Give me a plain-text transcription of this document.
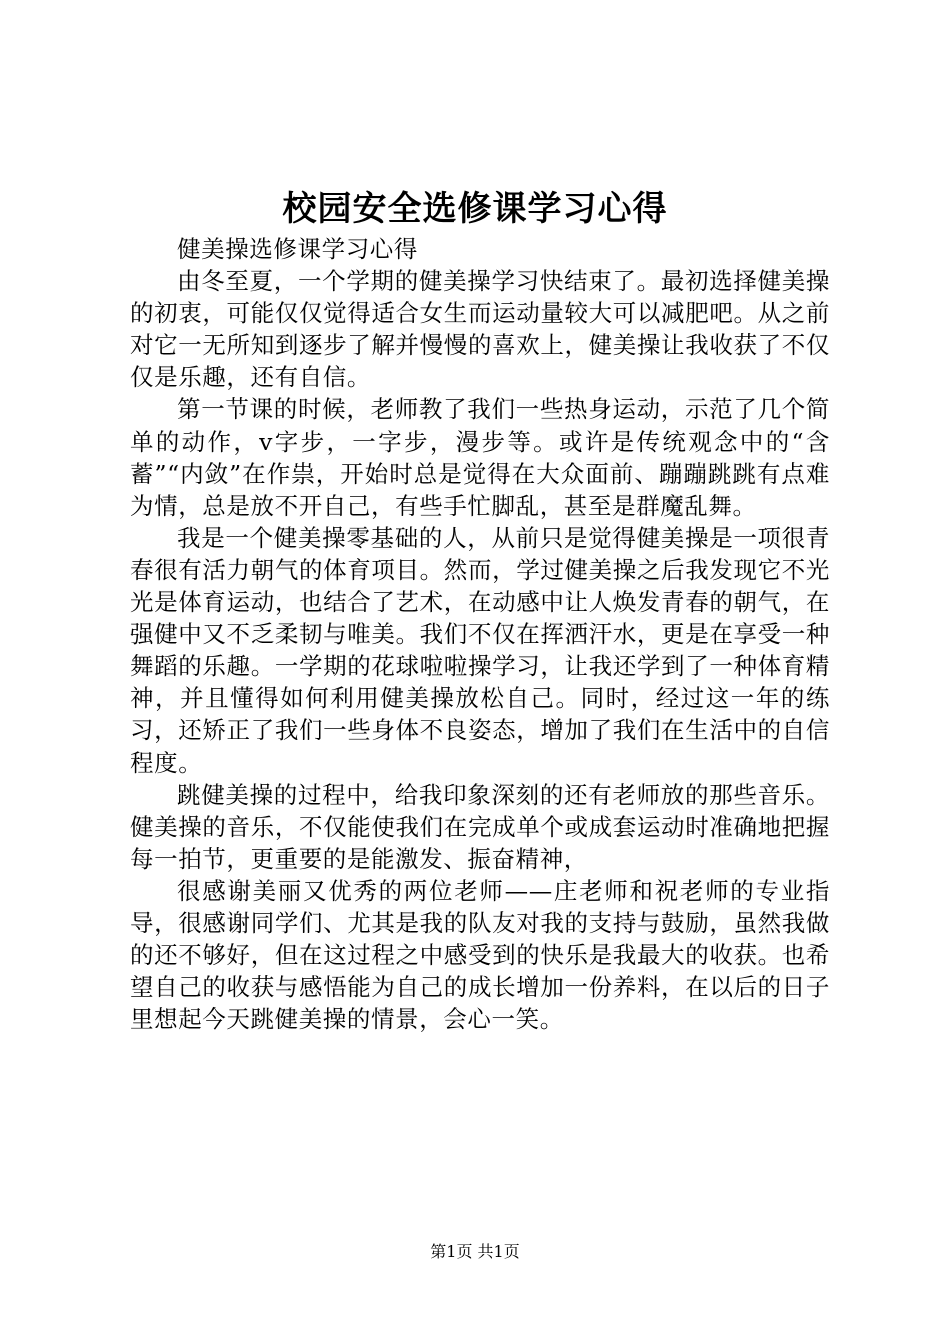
校园安全选修课学习心得

健美操选修课学习心得

由冬至夏，一个学期的健美操学习快结束了。最初选择健美操的初衷，可能仅仅觉得适合女生而运动量较大可以减肥吧。从之前对它一无所知到逐步了解并慢慢的喜欢上，健美操让我收获了不仅仅是乐趣，还有自信。

第一节课的时候，老师教了我们一些热身运动，示范了几个简单的动作，v字步，一字步，漫步等。或许是传统观念中的“含蓄”“内敛”在作祟，开始时总是觉得在大众面前、蹦蹦跳跳有点难为情，总是放不开自己，有些手忙脚乱，甚至是群魔乱舞。

我是一个健美操零基础的人，从前只是觉得健美操是一项很青春很有活力朝气的体育项目。然而，学过健美操之后我发现它不光光是体育运动，也结合了艺术，在动感中让人焕发青春的朝气，在强健中又不乏柔韧与唯美。我们不仅在挥洒汗水，更是在享受一种舞蹈的乐趣。一学期的花球啦啦操学习，让我还学到了一种体育精神，并且懂得如何利用健美操放松自己。同时，经过这一年的练习，还矫正了我们一些身体不良姿态，增加了我们在生活中的自信程度。

跳健美操的过程中，给我印象深刻的还有老师放的那些音乐。健美操的音乐，不仅能使我们在完成单个或成套运动时准确地把握每一拍节，更重要的是能激发、振奋精神，

很感谢美丽又优秀的两位老师——庄老师和祝老师的专业指导，很感谢同学们、尤其是我的队友对我的支持与鼓励，虽然我做的还不够好，但在这过程之中感受到的快乐是我最大的收获。也希望自己的收获与感悟能为自己的成长增加一份养料，在以后的日子里想起今天跳健美操的情景，会心一笑。

第1页 共1页
